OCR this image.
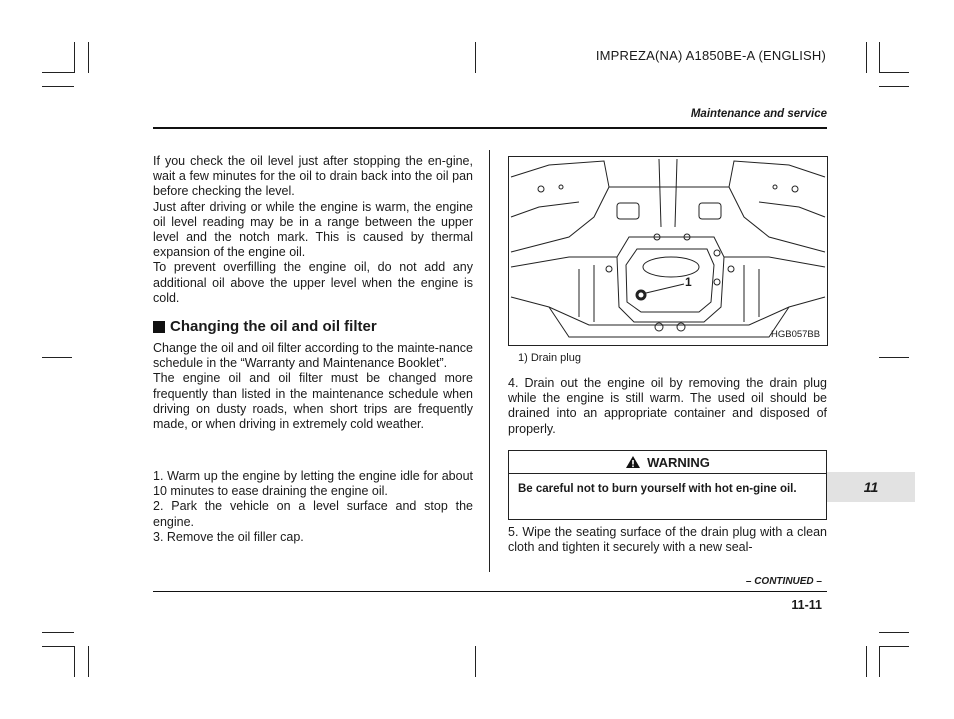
IMPREZA(NA) A1850BE-A (ENGLISH)
Maintenance and service

If you check the oil level just after stopping the en-gine, wait a few minutes for the oil to drain back into the oil pan before checking the level.

Just after driving or while the engine is warm, the engine oil level reading may be in a range between the upper level and the notch mark. This is caused by thermal expansion of the engine oil.

To prevent overfilling the engine oil, do not add any additional oil above the upper level when the engine is cold.

Changing the oil and oil filter

Change the oil and oil filter according to the mainte-nance schedule in the “Warranty and Maintenance Booklet”.

The engine oil and oil filter must be changed more frequently than listed in the maintenance schedule when driving on dusty roads, when short trips are frequently made, or when driving in extremely cold weather.

1. Warm up the engine by letting the engine idle for about 10 minutes to ease draining the engine oil.

2. Park the vehicle on a level surface and stop the engine.

3. Remove the oil filler cap.

1
HGB057BB
1) Drain plug
4. Drain out the engine oil by removing the drain plug while the engine is still warm. The used oil should be drained into an appropriate container and disposed of properly.
WARNING
Be careful not to burn yourself with hot en-gine oil.
5. Wipe the seating surface of the drain plug with a clean cloth and tighten it securely with a new seal-
11
– CONTINUED –
11-11
